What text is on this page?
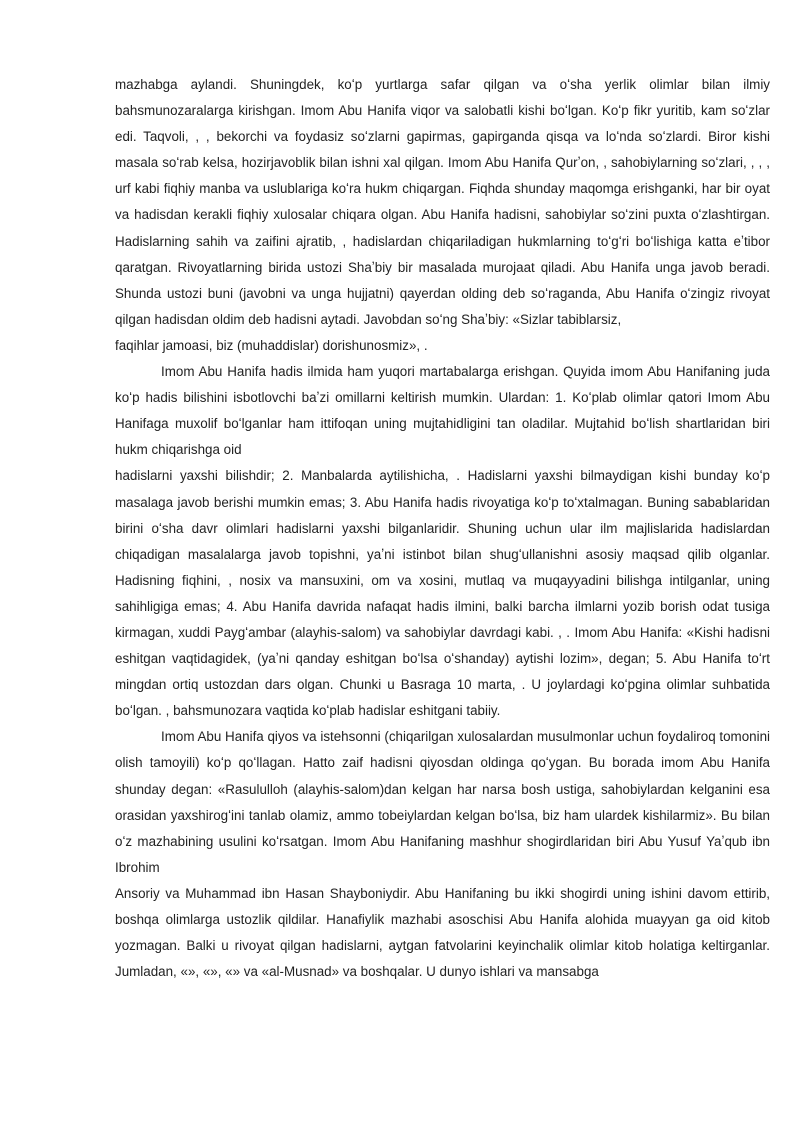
mazhabga aylandi. Shuningdek, koʻp yurtlarga safar qilgan va oʻsha yerlik olimlar bilan ilmiy bahsmunozaralarga kirishgan. Imom Abu Hanifa viqor va salobatli kishi boʻlgan. Koʻp fikr yuritib, kam soʻzlar edi. Taqvoli, , , bekorchi va foydasiz soʻzlarni gapirmas, gapirganda qisqa va loʻnda soʻzlardi. Biror kishi masala soʻrab kelsa, hozirjavoblik bilan ishni xal qilgan. Imom Abu Hanifa Qurʼon, , sahobiylarning soʻzlari, , , , urf kabi fiqhiy manba va uslublariga koʻra hukm chiqargan. Fiqhda shunday maqomga erishganki, har bir oyat va hadisdan kerakli fiqhiy xulosalar chiqara olgan. Abu Hanifa hadisni, sahobiylar soʻzini puxta oʻzlashtirgan. Hadislarning sahih va zaifini ajratib, , hadislardan chiqariladigan hukmlarning toʻgʻri boʻlishiga katta eʼtibor qaratgan. Rivoyatlarning birida ustozi Shaʼbiy bir masalada murojaat qiladi. Abu Hanifa unga javob beradi. Shunda ustozi buni (javobni va unga hujjatni) qayerdan olding deb soʻraganda, Abu Hanifa oʻzingiz rivoyat qilgan hadisdan oldim deb hadisni aytadi. Javobdan soʻng Shaʼbiy: «Sizlar tabiblarsiz,

faqihlar jamoasi, biz (muhaddislar) dorishunosmiz», .

Imom Abu Hanifa hadis ilmida ham yuqori martabalarga erishgan. Quyida imom Abu Hanifaning juda koʻp hadis bilishini isbotlovchi baʼzi omillarni keltirish mumkin. Ulardan: 1. Koʻplab olimlar qatori Imom Abu Hanifaga muxolif boʻlganlar ham ittifoqan uning mujtahidligini tan oladilar. Mujtahid boʻlish shartlaridan biri hukm chiqarishga oid

hadislarni yaxshi bilishdir; 2. Manbalarda aytilishicha, . Hadislarni yaxshi bilmaydigan kishi bunday koʻp masalaga javob berishi mumkin emas; 3. Abu Hanifa hadis rivoyatiga koʻp toʻxtalmagan. Buning sabablaridan birini oʻsha davr olimlari hadislarni yaxshi bilganlaridir. Shuning uchun ular ilm majlislarida hadislardan chiqadigan masalalarga javob topishni, yaʼni istinbot bilan shugʻullanishni asosiy maqsad qilib olganlar. Hadisning fiqhini, , nosix va mansuxini, om va xosini, mutlaq va muqayyadini bilishga intilganlar, uning sahihligiga emas; 4. Abu Hanifa davrida nafaqat hadis ilmini, balki barcha ilmlarni yozib borish odat tusiga kirmagan, xuddi Paygʻambar (alayhis-salom) va sahobiylar davrdagi kabi. , . Imom Abu Hanifa: «Kishi hadisni eshitgan vaqtidagidek, (yaʼni qanday eshitgan boʻlsa oʻshanday) aytishi lozim», degan; 5. Abu Hanifa toʻrt mingdan ortiq ustozdan dars olgan. Chunki u Basraga 10 marta, . U joylardagi koʻpgina olimlar suhbatida boʻlgan. , bahsmunozara vaqtida koʻplab hadislar eshitgani tabiiy.

Imom Abu Hanifa qiyos va istehsonni (chiqarilgan xulosalardan musulmonlar uchun foydaliroq tomonini olish tamoyili) koʻp qoʻllagan. Hatto zaif hadisni qiyosdan oldinga qoʻygan. Bu borada imom Abu Hanifa shunday degan: «Rasululloh (alayhis-salom)dan kelgan har narsa bosh ustiga, sahobiylardan kelganini esa orasidan yaxshirogʻini tanlab olamiz, ammo tobeiylardan kelgan boʻlsa, biz ham ulardek kishilarmiz». Bu bilan oʻz mazhabining usulini koʻrsatgan. Imom Abu Hanifaning mashhur shogirdlaridan biri Abu Yusuf Yaʼqub ibn Ibrohim

Ansoriy va Muhammad ibn Hasan Shayboniydir. Abu Hanifaning bu ikki shogirdi uning ishini davom ettirib, boshqa olimlarga ustozlik qildilar. Hanafiylik mazhabi asoschisi Abu Hanifa alohida muayyan ga oid kitob yozmagan. Balki u rivoyat qilgan hadislarni, aytgan fatvolarini keyinchalik olimlar kitob holatiga keltirganlar. Jumladan, «», «», «» va «al-Musnad» va boshqalar. U dunyo ishlari va mansabga
